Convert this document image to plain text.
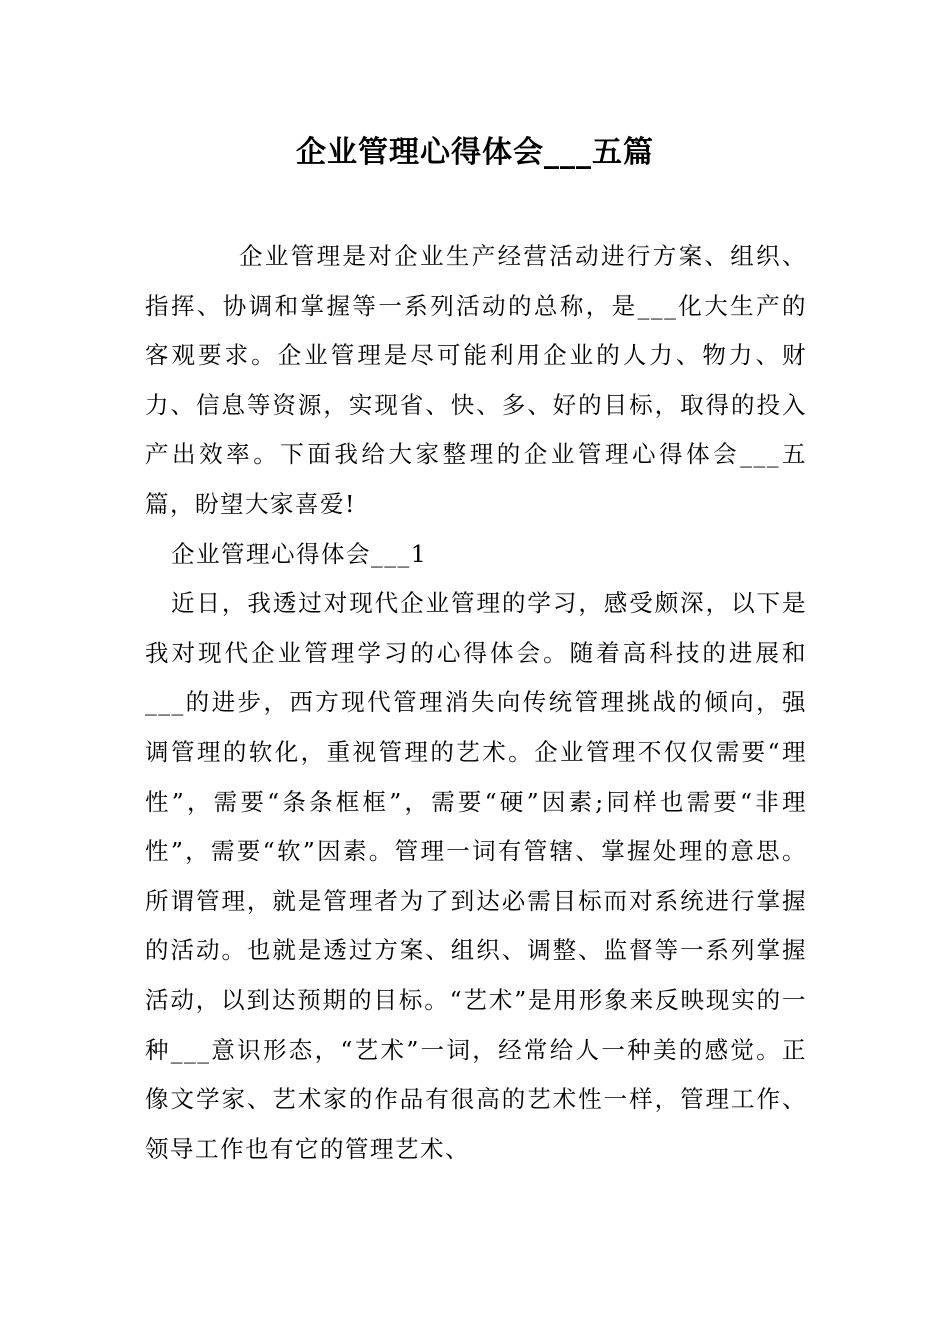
企业管理心得体会___五篇

企业管理是对企业生产经营活动进行方案、组织、指挥、协调和掌握等一系列活动的总称，是___化大生产的客观要求。企业管理是尽可能利用企业的人力、物力、财力、信息等资源，实现省、快、多、好的目标，取得的投入产出效率。下面我给大家整理的企业管理心得体会___五篇，盼望大家喜爱!

企业管理心得体会___1

近日，我透过对现代企业管理的学习，感受颇深，以下是我对现代企业管理学习的心得体会。随着高科技的进展和___的进步，西方现代管理消失向传统管理挑战的倾向，强调管理的软化，重视管理的艺术。企业管理不仅仅需要“理性”，需要“条条框框”，需要“硬”因素;同样也需要“非理性”，需要“软”因素。管理一词有管辖、掌握处理的意思。所谓管理，就是管理者为了到达必需目标而对系统进行掌握的活动。也就是透过方案、组织、调整、监督等一系列掌握活动，以到达预期的目标。“艺术”是用形象来反映现实的一种___意识形态，“艺术”一词，经常给人一种美的感觉。正像文学家、艺术家的作品有很高的艺术性一样，管理工作、领导工作也有它的管理艺术、
